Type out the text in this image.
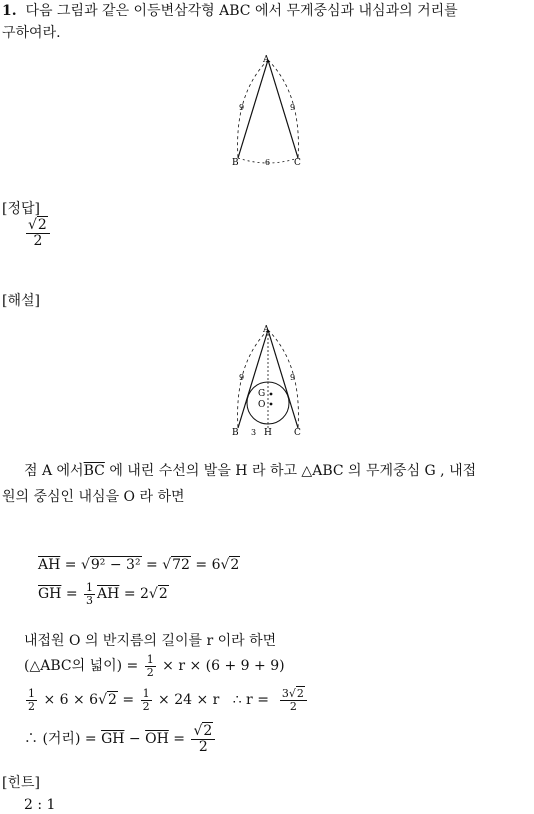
1. 다음 그림과 같은 이등변삼각형 ABC 에서 무게중심과 내심과의 거리를
구하여라.
A
B	C
9	9
6
[정답]
$\frac{√2}{2}$
[해설]
A
B	C
H
G
O
9	9
3
점 A 에서$\overline{BC}$ 에 내린 수선의 발을 H 라 하고 △ABC 의 무게중심 G , 내접
원의 중심인 내심을 O 라 하면
$\overline{AH} = √9^2 - 3^2 = √72 = 6√2$
$\overline{GH} = \frac{1}{3} \overline{AH} = 2√2$
내접원 O 의 반지름의 길이를 r 이라 하면
(△ABC의 넓이) = $\frac{1}{2} \times r \times (6 + 9 + 9)$
$\frac{1}{2} \times 6 \times 6√2 = \frac{1}{2} \times 24 \times r$   ∴ $r = \frac{3√2}{2}$
∴ (거리) = $\overline{GH} - \overline{OH} = \frac{√2}{2}$
[힌트]
2 : 1
